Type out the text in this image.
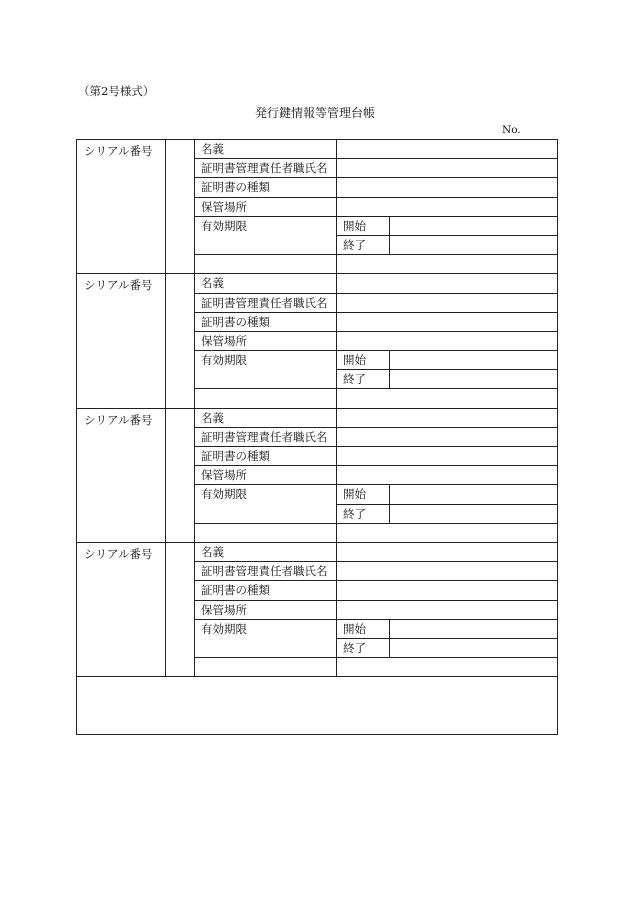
（第2号様式）
発行鍵情報等管理台帳
No.
シリアル番号		名義		
		証明書管理責任者職氏名		
		証明書の種類		
		保管場所		
		有効期限	開始	
			終了	

シリアル番号		名義		
		証明書管理責任者職氏名		
		証明書の種類		
		保管場所		
		有効期限	開始	
			終了	

シリアル番号		名義		
		証明書管理責任者職氏名		
		証明書の種類		
		保管場所		
		有効期限	開始	
			終了	

シリアル番号		名義		
		証明書管理責任者職氏名		
		証明書の種類		
		保管場所		
		有効期限	開始	
			終了	
